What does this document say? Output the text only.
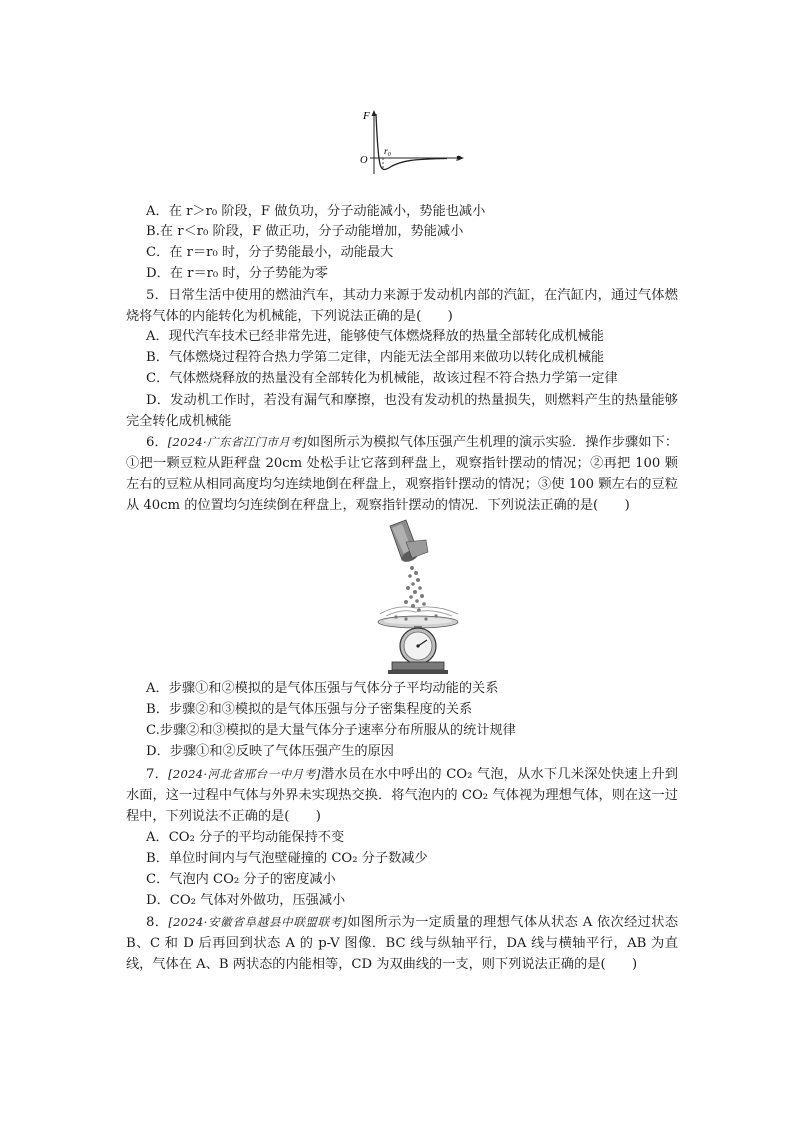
F
r
O
r₀
A．在 r＞r₀ 阶段，F 做负功，分子动能减小，势能也减小
B.在 r＜r₀ 阶段，F 做正功，分子动能增加，势能减小
C．在 r＝r₀ 时，分子势能最小，动能最大
D．在 r＝r₀ 时，分子势能为零
5．日常生活中使用的燃油汽车，其动力来源于发动机内部的汽缸，在汽缸内，通过气体燃烧将气体的内能转化为机械能，下列说法正确的是(　　)
A．现代汽车技术已经非常先进，能够使气体燃烧释放的热量全部转化成机械能
B．气体燃烧过程符合热力学第二定律，内能无法全部用来做功以转化成机械能
C．气体燃烧释放的热量没有全部转化为机械能，故该过程不符合热力学第一定律
D．发动机工作时，若没有漏气和摩擦，也没有发动机的热量损失，则燃料产生的热量能够完全转化成机械能
6．[2024·广东省江门市月考]如图所示为模拟气体压强产生机理的演示实验．操作步骤如下：①把一颗豆粒从距秤盘 20cm 处松手让它落到秤盘上，观察指针摆动的情况；②再把 100 颗左右的豆粒从相同高度均匀连续地倒在秤盘上，观察指针摆动的情况；③使 100 颗左右的豆粒从 40cm 的位置均匀连续倒在秤盘上，观察指针摆动的情况．下列说法正确的是(　　)
A．步骤①和②模拟的是气体压强与气体分子平均动能的关系
B．步骤②和③模拟的是气体压强与分子密集程度的关系
C.步骤②和③模拟的是大量气体分子速率分布所服从的统计规律
D．步骤①和②反映了气体压强产生的原因
7．[2024·河北省邢台一中月考]潜水员在水中呼出的 CO₂ 气泡，从水下几米深处快速上升到水面，这一过程中气体与外界未实现热交换．将气泡内的 CO₂ 气体视为理想气体，则在这一过程中，下列说法不正确的是(　　)
A．CO₂ 分子的平均动能保持不变
B．单位时间内与气泡壁碰撞的 CO₂ 分子数减少
C．气泡内 CO₂ 分子的密度减小
D．CO₂ 气体对外做功，压强减小
8．[2024·安徽省阜越县中联盟联考]如图所示为一定质量的理想气体从状态 A 依次经过状态 B、C 和 D 后再回到状态 A 的 p-V 图像．BC 线与纵轴平行，DA 线与横轴平行，AB 为直线，气体在 A、B 两状态的内能相等，CD 为双曲线的一支，则下列说法正确的是(　　)
